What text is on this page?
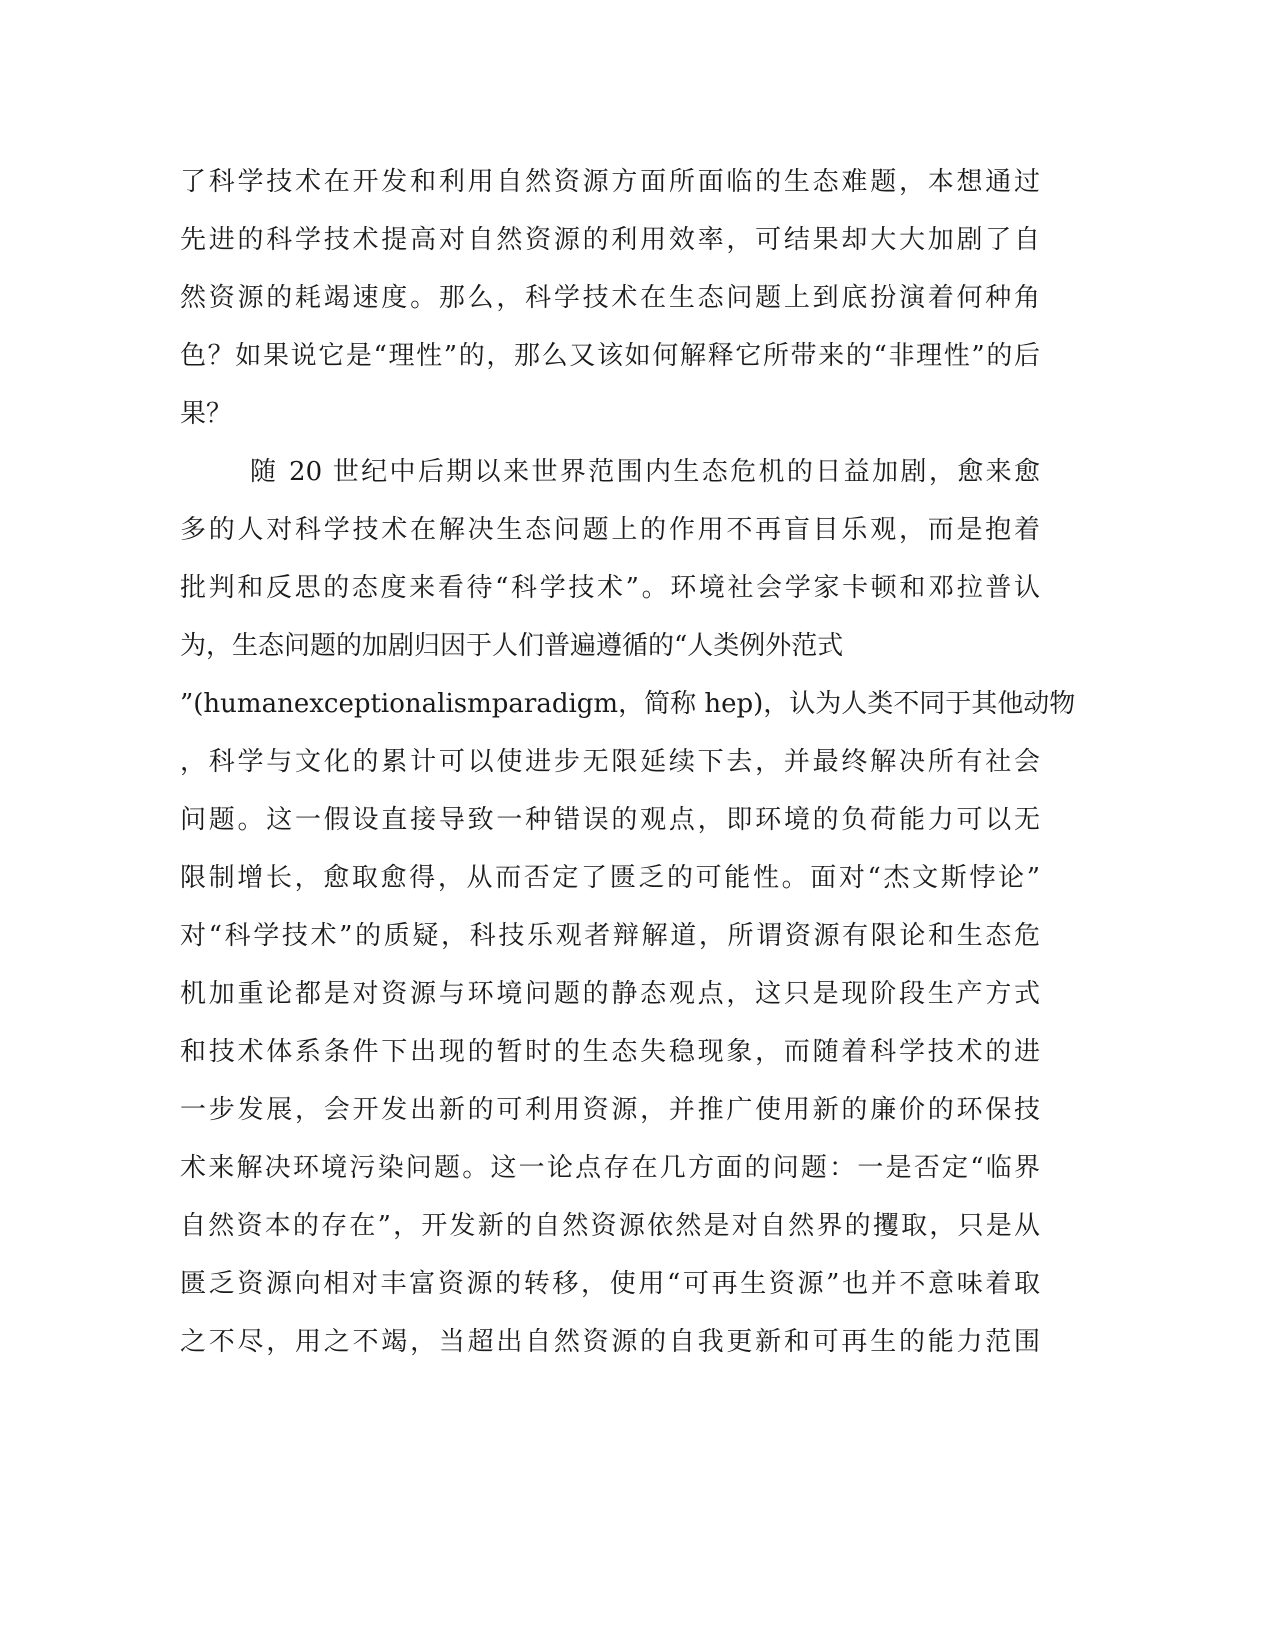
了科学技术在开发和利用自然资源方面所面临的生态难题，本想通过
先进的科学技术提高对自然资源的利用效率，可结果却大大加剧了自
然资源的耗竭速度。那么，科学技术在生态问题上到底扮演着何种角
色？如果说它是“理性”的，那么又该如何解释它所带来的“非理性”的后
果？
随 20 世纪中后期以来世界范围内生态危机的日益加剧，愈来愈
多的人对科学技术在解决生态问题上的作用不再盲目乐观，而是抱着
批判和反思的态度来看待“科学技术”。环境社会学家卡顿和邓拉普认
为，生态问题的加剧归因于人们普遍遵循的“人类例外范式
”(humanexceptionalismparadigm，简称 hep)，认为人类不同于其他动物
，科学与文化的累计可以使进步无限延续下去，并最终解决所有社会
问题。这一假设直接导致一种错误的观点，即环境的负荷能力可以无
限制增长，愈取愈得，从而否定了匮乏的可能性。面对“杰文斯悖论”
对“科学技术”的质疑，科技乐观者辩解道，所谓资源有限论和生态危
机加重论都是对资源与环境问题的静态观点，这只是现阶段生产方式
和技术体系条件下出现的暂时的生态失稳现象，而随着科学技术的进
一步发展，会开发出新的可利用资源，并推广使用新的廉价的环保技
术来解决环境污染问题。这一论点存在几方面的问题：一是否定“临界
自然资本的存在”，开发新的自然资源依然是对自然界的攫取，只是从
匮乏资源向相对丰富资源的转移，使用“可再生资源”也并不意味着取
之不尽，用之不竭，当超出自然资源的自我更新和可再生的能力范围
